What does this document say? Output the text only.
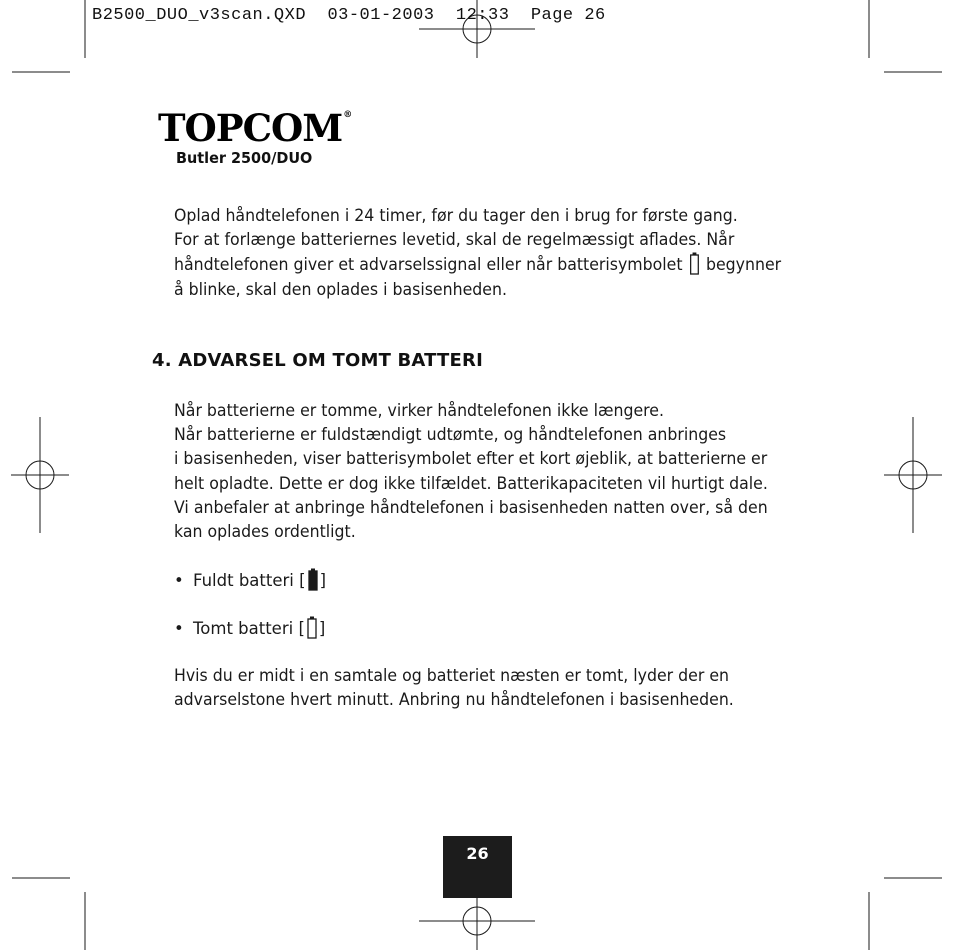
B2500_DUO_v3scan.QXD 03-01-2003 12:33 Page 26
TOPCOM®
Butler 2500/DUO
Oplad håndtelefonen i 24 timer, før du tager den i brug for første gang.
For at forlænge batteriernes levetid, skal de regelmæssigt aflades. Når
håndtelefonen giver et advarselssignal eller når batterisymbolet begynner
å blinke, skal den oplades i basisenheden.
4. ADVARSEL OM TOMT BATTERI
Når batterierne er tomme, virker håndtelefonen ikke længere.
Når batterierne er fuldstændigt udtømte, og håndtelefonen anbringes
i basisenheden, viser batterisymbolet efter et kort øjeblik, at batterierne er
helt opladte. Dette er dog ikke tilfældet. Batterikapaciteten vil hurtigt dale.
Vi anbefaler at anbringe håndtelefonen i basisenheden natten over, så den
kan oplades ordentligt.
• Fuldt batteri [ ]
• Tomt batteri [ ]
Hvis du er midt i en samtale og batteriet næsten er tomt, lyder der en
advarselstone hvert minutt. Anbring nu håndtelefonen i basisenheden.
26
